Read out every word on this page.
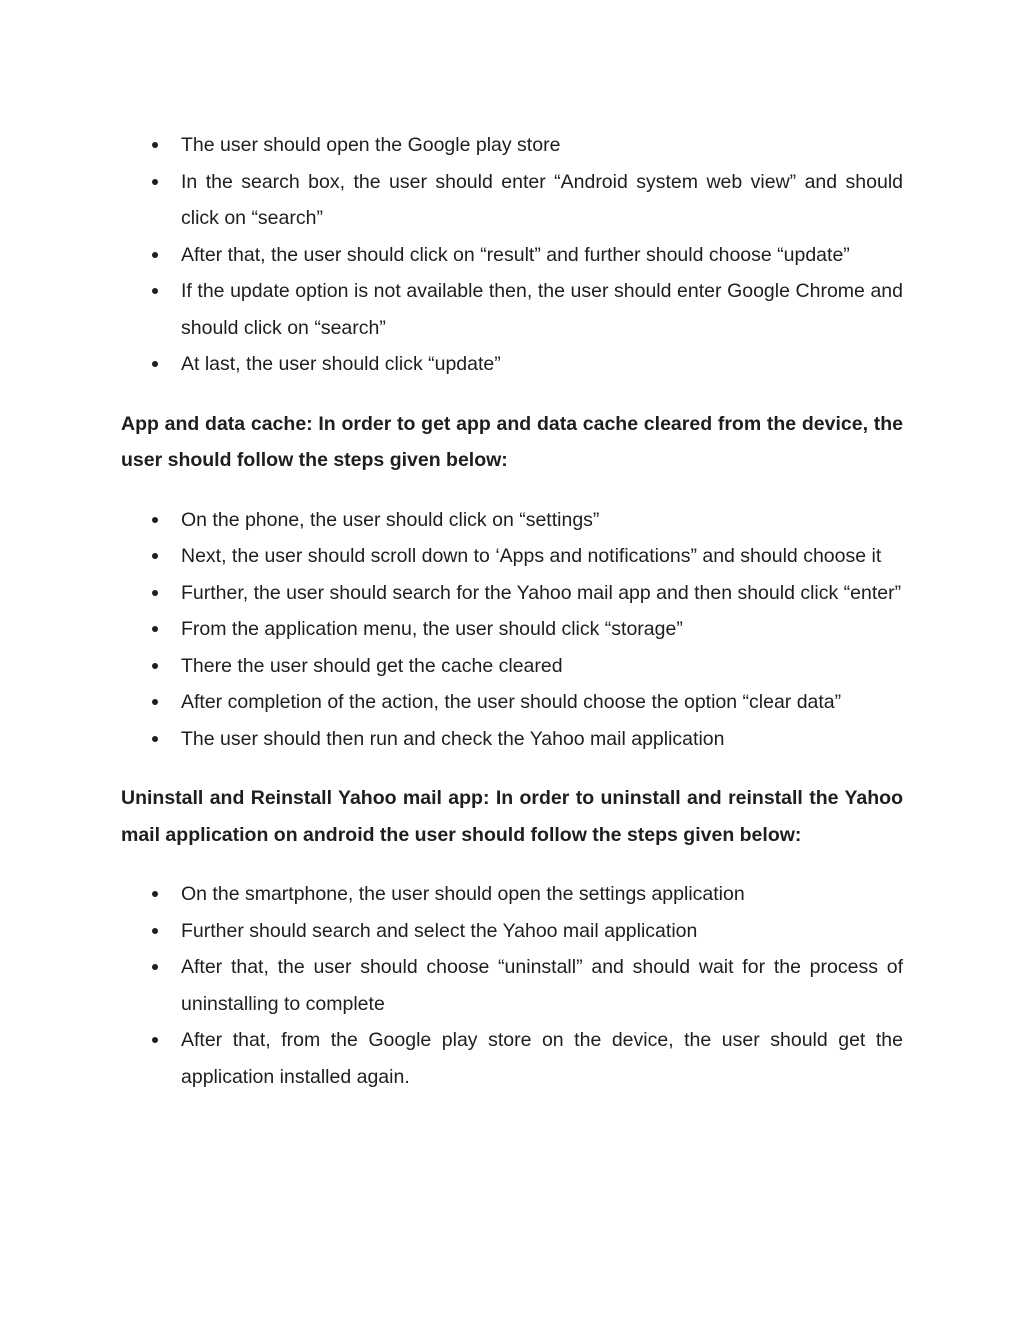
The user should open the Google play store
In the search box, the user should enter “Android system web view” and should click on “search”
After that, the user should click on “result” and further should choose “update”
If the update option is not available then, the user should enter Google Chrome and should click on “search”
At last, the user should click “update”

App and data cache: In order to get app and data cache cleared from the device, the user should follow the steps given below:

On the phone, the user should click on “settings”
Next, the user should scroll down to ‘Apps and notifications” and should choose it
Further, the user should search for the Yahoo mail app and then should click “enter”
From the application menu, the user should click “storage”
There the user should get the cache cleared
After completion of the action, the user should choose the option “clear data”
The user should then run and check the Yahoo mail application

Uninstall and Reinstall Yahoo mail app: In order to uninstall and reinstall the Yahoo mail application on android the user should follow the steps given below:

On the smartphone, the user should open the settings application
Further should search and select the Yahoo mail application
After that, the user should choose “uninstall” and should wait for the process of uninstalling to complete
After that, from the Google play store on the device, the user should get the application installed again.
